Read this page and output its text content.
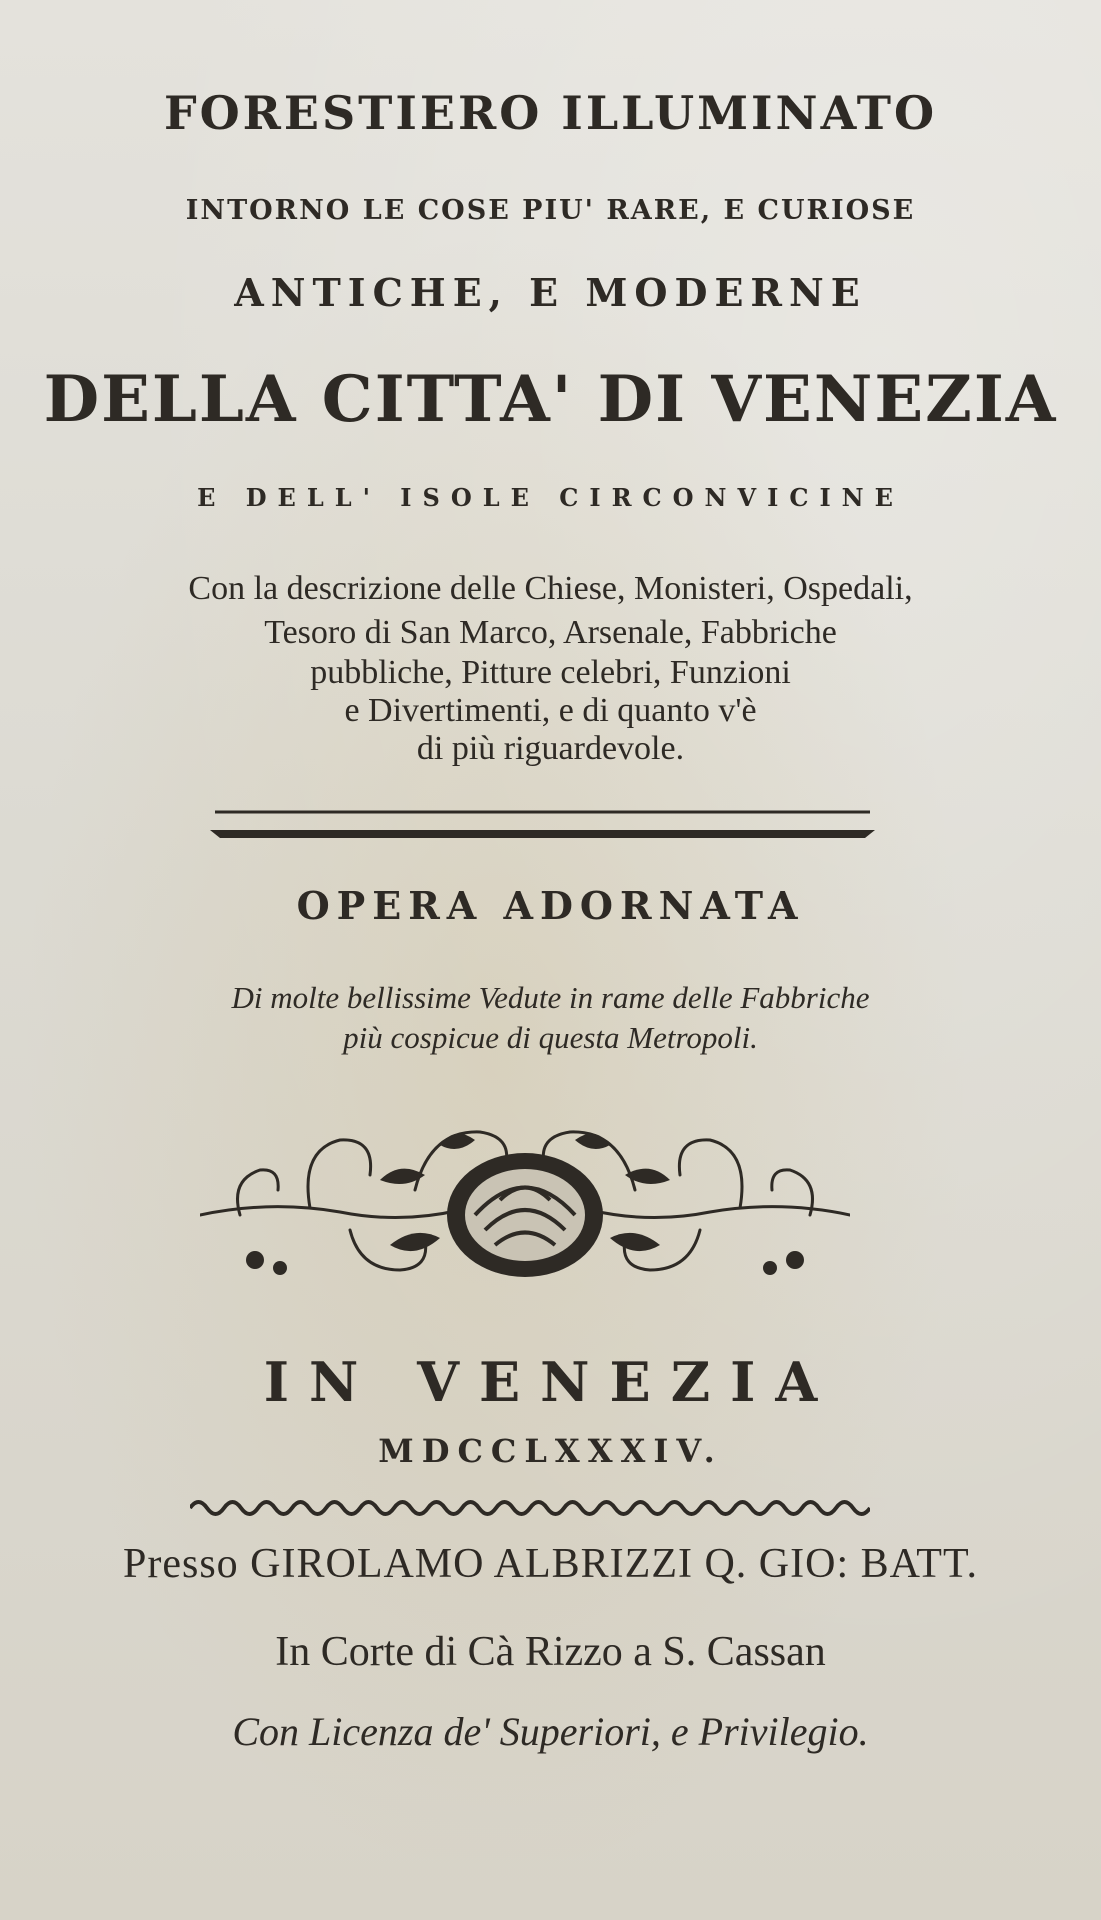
FORESTIERO ILLUMINATO

INTORNO LE COSE PIU' RARE, E CURIOSE

ANTICHE, E MODERNE

DELLA CITTA' DI VENEZIA

E DELL' ISOLE CIRCONVICINE

Con la descrizione delle Chiese, Monisteri, Ospedali,

Tesoro di San Marco, Arsenale, Fabbriche

pubbliche, Pitture celebri, Funzioni

e Divertimenti, e di quanto v'è

di più riguardevole.

OPERA ADORNATA

Di molte bellissime Vedute in rame delle Fabbriche

più cospicue di questa Metropoli.

IN VENEZIA

MDCCLXXXIV.

Presso GIROLAMO ALBRIZZI Q. GIO: BATT.

In Corte di Cà Rizzo a S. Cassan

Con Licenza de' Superiori, e Privilegio.
